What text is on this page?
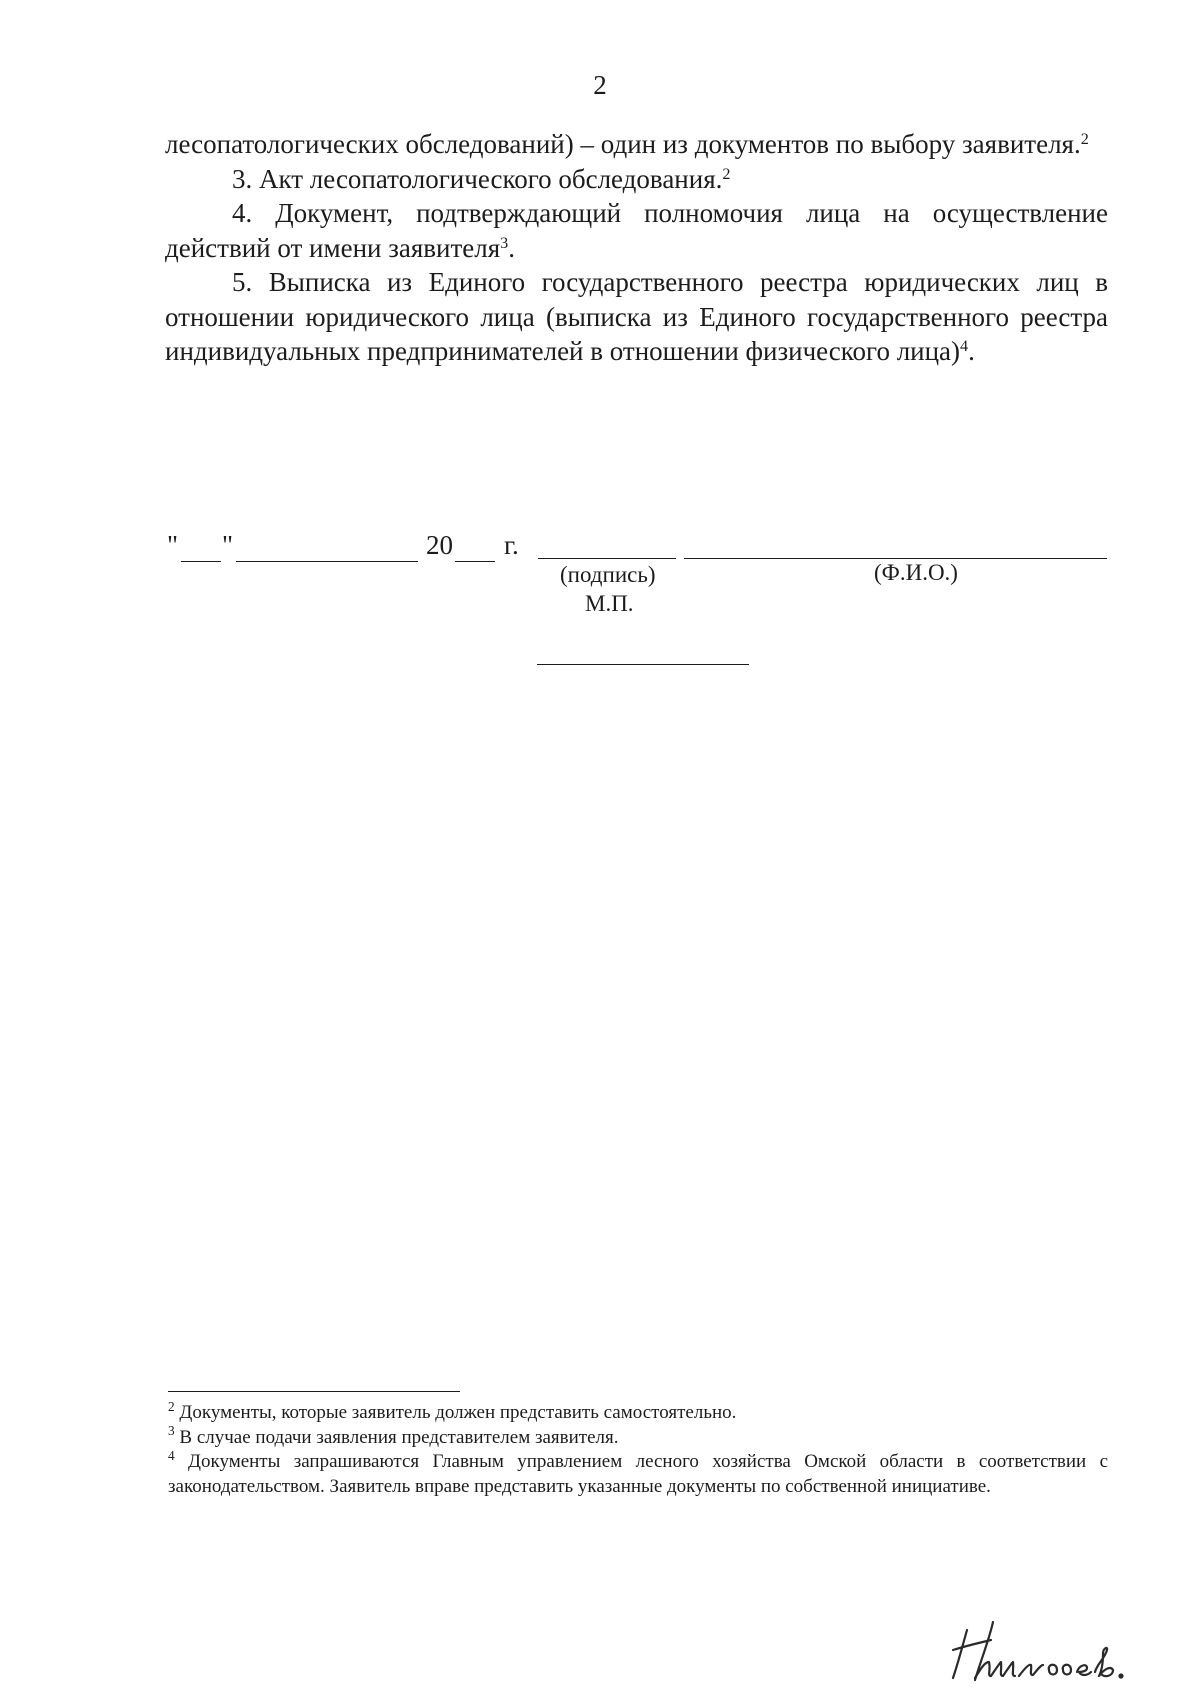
2

лесопатологических обследований) – один из документов по выбору заявителя.$^2$

3. Акт лесопатологического обследования.$^2$

4. Документ, подтверждающий полномочия лица на осуществление действий от имени заявителя$^3$.

5. Выписка из Единого государственного реестра юридических лиц в отношении юридического лица (выписка из Единого государственного реестра индивидуальных предпринимателей в отношении физического лица)$^4$.

" "	20 г.
(подпись)	(Ф.И.О.)
М.П.

$^2$ Документы, которые заявитель должен представить самостоятельно.

$^3$ В случае подачи заявления представителем заявителя.

$^4$ Документы запрашиваются Главным управлением лесного хозяйства Омской области в соответствии с законодательством. Заявитель вправе представить указанные документы по собственной инициативе.
